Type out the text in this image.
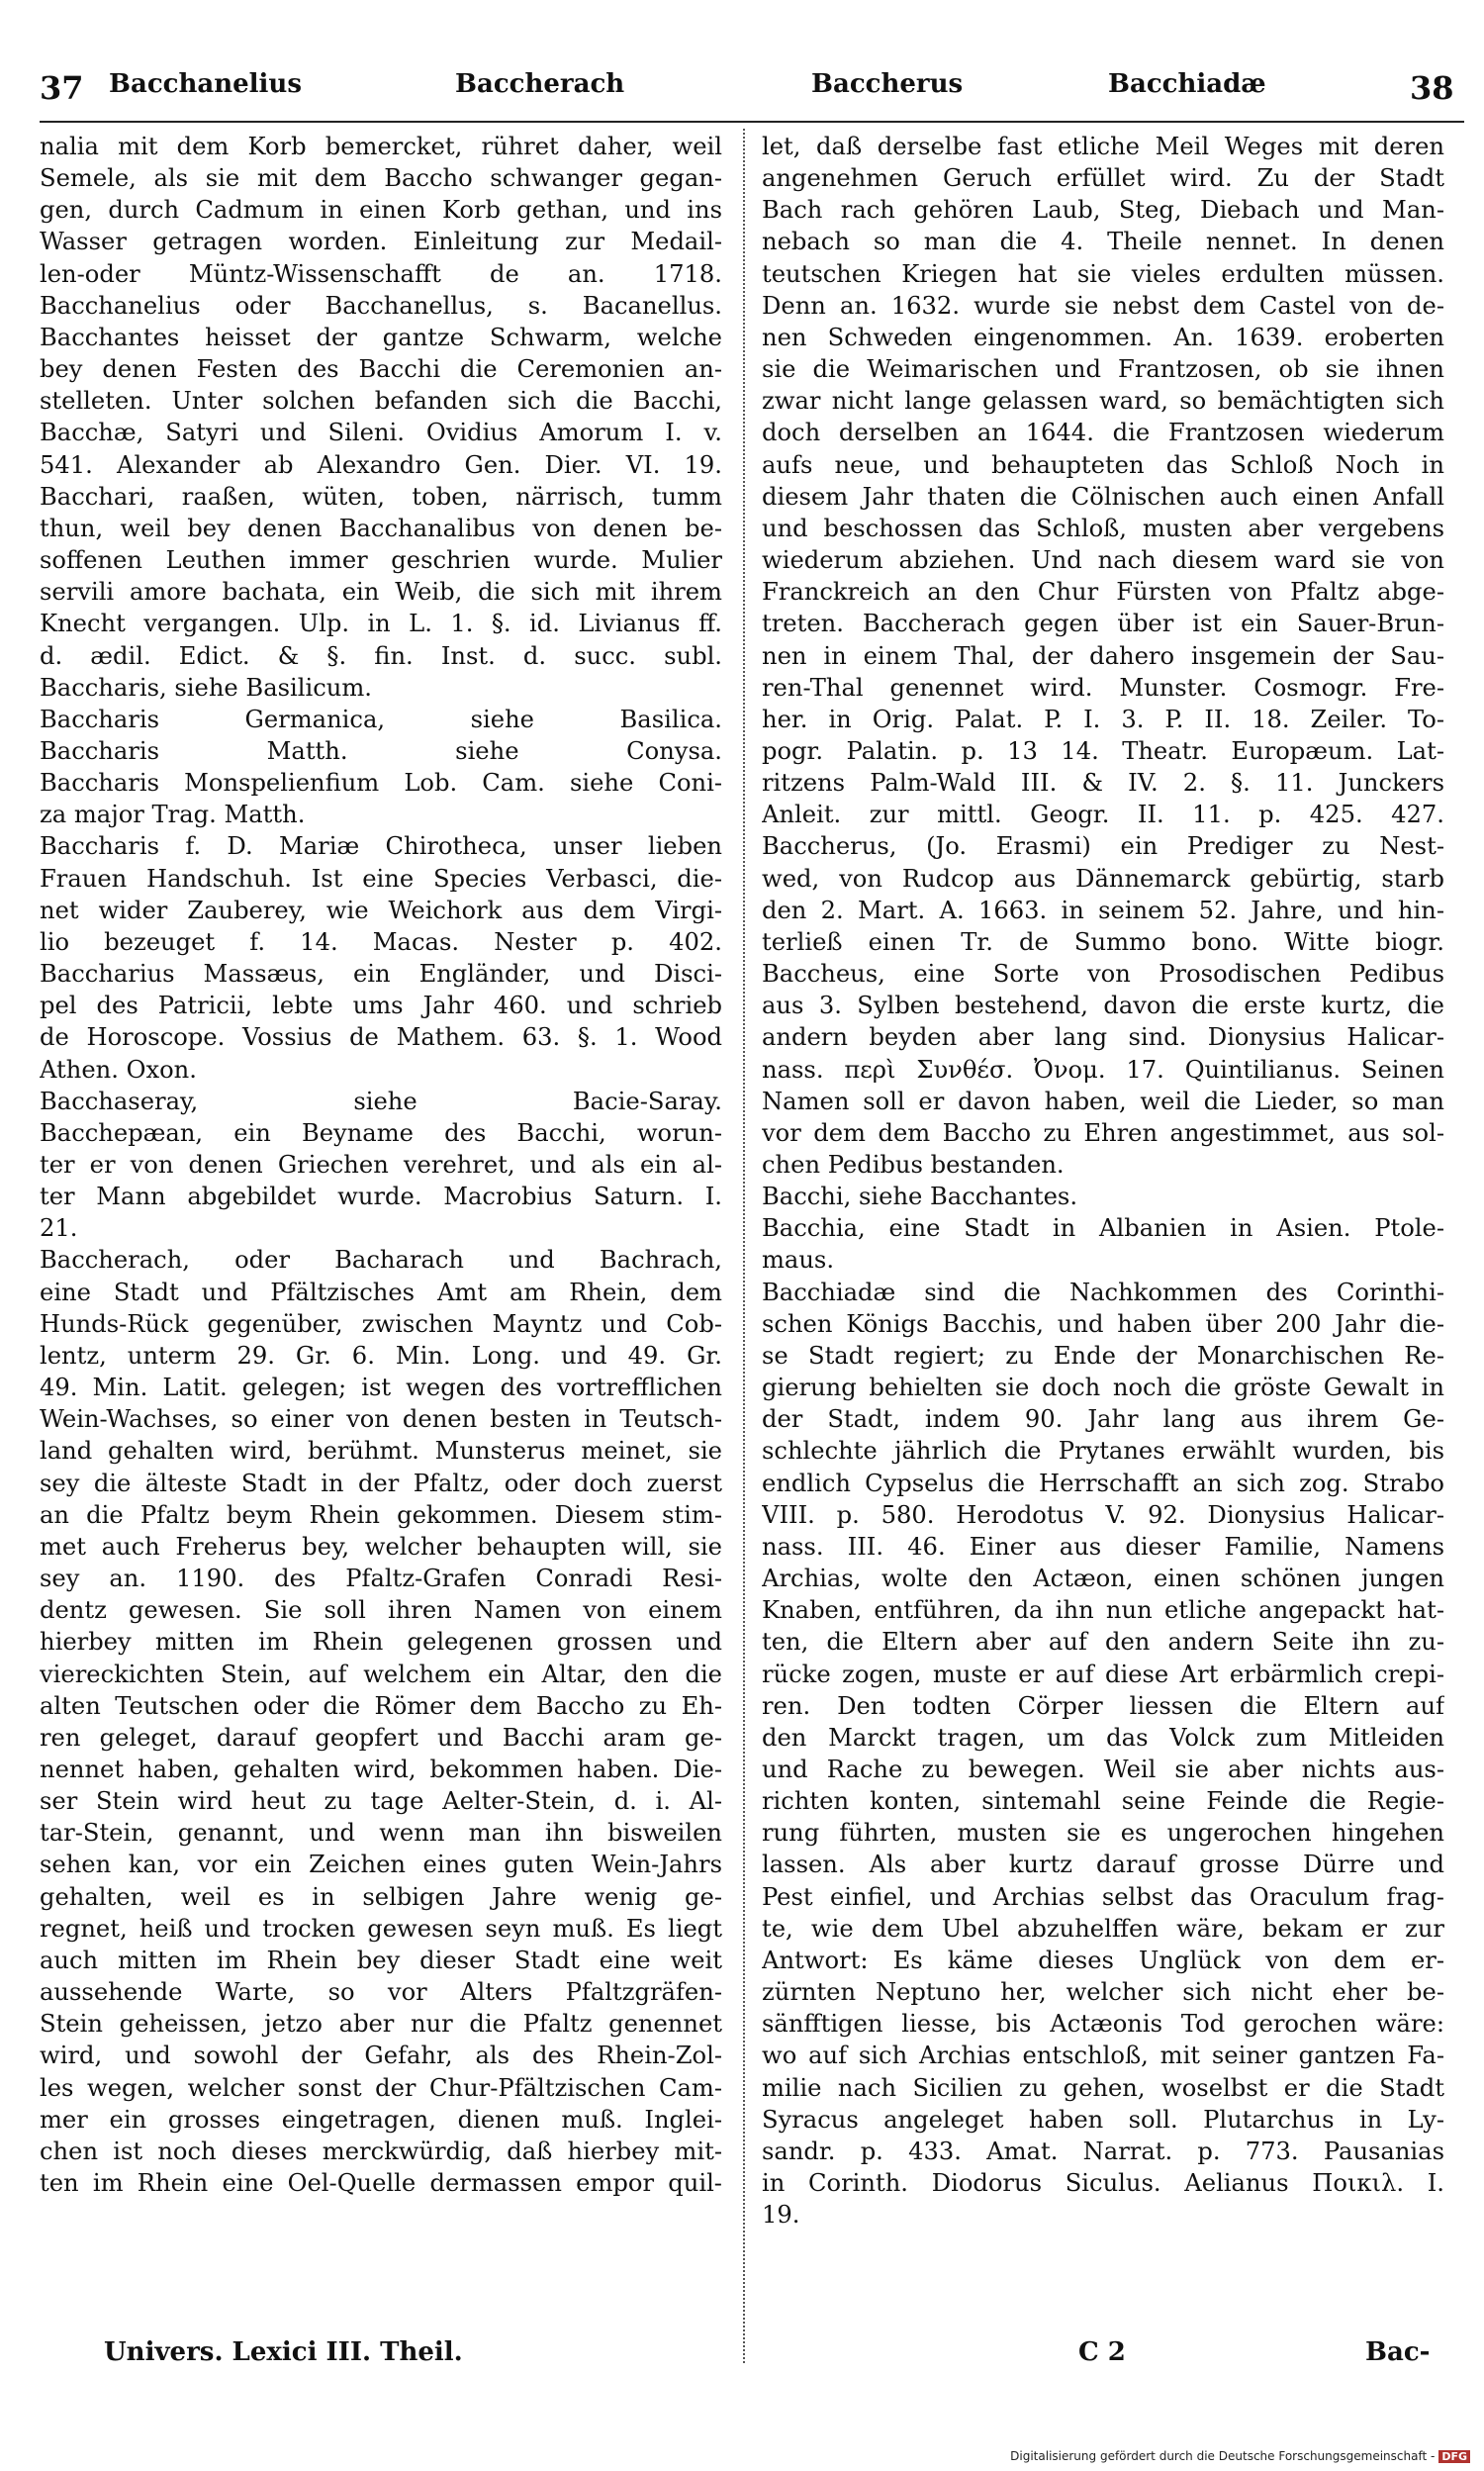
37 Bacchanelius	Baccherach	Baccherus	Bacchiadæ	38
nalia mit dem Korb bemercket, rühret daher, weil
Semele, als sie mit dem Baccho schwanger gegan-
gen, durch Cadmum in einen Korb gethan, und ins
Wasser getragen worden. Einleitung zur Medail-
len-oder Müntz-Wissenschafft de an. 1718.
Bacchanelius oder Bacchanellus, s. Bacanellus.
Bacchantes heisset der gantze Schwarm, welche
bey denen Festen des Bacchi die Ceremonien an-
stelleten. Unter solchen befanden sich die Bacchi,
Bacchæ, Satyri und Sileni. Ovidius Amorum I. v.
541. Alexander ab Alexandro Gen. Dier. VI. 19.
Bacchari, raaßen, wüten, toben, närrisch, tumm
thun, weil bey denen Bacchanalibus von denen be-
soffenen Leuthen immer geschrien wurde. Mulier
servili amore bachata, ein Weib, die sich mit ihrem
Knecht vergangen. Ulp. in L. 1. §. id. Livianus ff.
d. ædil. Edict. & §. fin. Inst. d. succ. subl.
Baccharis, siehe Basilicum.
Baccharis Germanica, siehe Basilica.
Baccharis Matth. siehe Conysa.
Baccharis Monspelienfium Lob. Cam. siehe Coni-
za major Trag. Matth.
Baccharis f. D. Mariæ Chirotheca, unser lieben
Frauen Handschuh. Ist eine Species Verbasci, die-
net wider Zauberey, wie Weichork aus dem Virgi-
lio bezeuget f. 14. Macas. Nester p. 402.
Baccharius Massæus, ein Engländer, und Disci-
pel des Patricii, lebte ums Jahr 460. und schrieb
de Horoscope. Vossius de Mathem. 63. §. 1. Wood
Athen. Oxon.
Bacchaseray, siehe Bacie-Saray.
Bacchepæan, ein Beyname des Bacchi, worun-
ter er von denen Griechen verehret, und als ein al-
ter Mann abgebildet wurde. Macrobius Saturn. I.
21.
Baccherach, oder Bacharach und Bachrach,
eine Stadt und Pfältzisches Amt am Rhein, dem
Hunds-Rück gegenüber, zwischen Mayntz und Cob-
lentz, unterm 29. Gr. 6. Min. Long. und 49. Gr.
49. Min. Latit. gelegen; ist wegen des vortrefflichen
Wein-Wachses, so einer von denen besten in Teutsch-
land gehalten wird, berühmt. Munsterus meinet, sie
sey die älteste Stadt in der Pfaltz, oder doch zuerst
an die Pfaltz beym Rhein gekommen. Diesem stim-
met auch Freherus bey, welcher behaupten will, sie
sey an. 1190. des Pfaltz-Grafen Conradi Resi-
dentz gewesen. Sie soll ihren Namen von einem
hierbey mitten im Rhein gelegenen grossen und
viereckichten Stein, auf welchem ein Altar, den die
alten Teutschen oder die Römer dem Baccho zu Eh-
ren geleget, darauf geopfert und Bacchi aram ge-
nennet haben, gehalten wird, bekommen haben. Die-
ser Stein wird heut zu tage Aelter-Stein, d. i. Al-
tar-Stein, genannt, und wenn man ihn bisweilen
sehen kan, vor ein Zeichen eines guten Wein-Jahrs
gehalten, weil es in selbigen Jahre wenig ge-
regnet, heiß und trocken gewesen seyn muß. Es liegt
auch mitten im Rhein bey dieser Stadt eine weit
aussehende Warte, so vor Alters Pfaltzgräfen-
Stein geheissen, jetzo aber nur die Pfaltz genennet
wird, und sowohl der Gefahr, als des Rhein-Zol-
les wegen, welcher sonst der Chur-Pfältzischen Cam-
mer ein grosses eingetragen, dienen muß. Inglei-
chen ist noch dieses merckwürdig, daß hierbey mit-
ten im Rhein eine Oel-Quelle dermassen empor quil-
let, daß derselbe fast etliche Meil Weges mit deren
angenehmen Geruch erfüllet wird. Zu der Stadt
Bach rach gehören Laub, Steg, Diebach und Man-
nebach so man die 4. Theile nennet. In denen
teutschen Kriegen hat sie vieles erdulten müssen.
Denn an. 1632. wurde sie nebst dem Castel von de-
nen Schweden eingenommen. An. 1639. eroberten
sie die Weimarischen und Frantzosen, ob sie ihnen
zwar nicht lange gelassen ward, so bemächtigten sich
doch derselben an 1644. die Frantzosen wiederum
aufs neue, und behaupteten das Schloß Noch in
diesem Jahr thaten die Cölnischen auch einen Anfall
und beschossen das Schloß, musten aber vergebens
wiederum abziehen. Und nach diesem ward sie von
Franckreich an den Chur Fürsten von Pfaltz abge-
treten. Baccherach gegen über ist ein Sauer-Brun-
nen in einem Thal, der dahero insgemein der Sau-
ren-Thal genennet wird. Munster. Cosmogr. Fre-
her. in Orig. Palat. P. I. 3. P. II. 18. Zeiler. To-
pogr. Palatin. p. 13 14. Theatr. Europæum. Lat-
ritzens Palm-Wald III. & IV. 2. §. 11. Junckers
Anleit. zur mittl. Geogr. II. 11. p. 425. 427.
Baccherus, (Jo. Erasmi) ein Prediger zu Nest-
wed, von Rudcop aus Dännemarck gebürtig, starb
den 2. Mart. A. 1663. in seinem 52. Jahre, und hin-
terließ einen Tr. de Summo bono. Witte biogr.
Baccheus, eine Sorte von Prosodischen Pedibus
aus 3. Sylben bestehend, davon die erste kurtz, die
andern beyden aber lang sind. Dionysius Halicar-
nass. περὶ Συνθέσ. Ὀνομ. 17. Quintilianus. Seinen
Namen soll er davon haben, weil die Lieder, so man
vor dem dem Baccho zu Ehren angestimmet, aus sol-
chen Pedibus bestanden.
Bacchi, siehe Bacchantes.
Bacchia, eine Stadt in Albanien in Asien. Ptole-
maus.
Bacchiadæ sind die Nachkommen des Corinthi-
schen Königs Bacchis, und haben über 200 Jahr die-
se Stadt regiert; zu Ende der Monarchischen Re-
gierung behielten sie doch noch die gröste Gewalt in
der Stadt, indem 90. Jahr lang aus ihrem Ge-
schlechte jährlich die Prytanes erwählt wurden, bis
endlich Cypselus die Herrschafft an sich zog. Strabo
VIII. p. 580. Herodotus V. 92. Dionysius Halicar-
nass. III. 46. Einer aus dieser Familie, Namens
Archias, wolte den Actæon, einen schönen jungen
Knaben, entführen, da ihn nun etliche angepackt hat-
ten, die Eltern aber auf den andern Seite ihn zu-
rücke zogen, muste er auf diese Art erbärmlich crepi-
ren. Den todten Cörper liessen die Eltern auf
den Marckt tragen, um das Volck zum Mitleiden
und Rache zu bewegen. Weil sie aber nichts aus-
richten konten, sintemahl seine Feinde die Regie-
rung führten, musten sie es ungerochen hingehen
lassen. Als aber kurtz darauf grosse Dürre und
Pest einfiel, und Archias selbst das Oraculum frag-
te, wie dem Ubel abzuhelffen wäre, bekam er zur
Antwort: Es käme dieses Unglück von dem er-
zürnten Neptuno her, welcher sich nicht eher be-
sänfftigen liesse, bis Actæonis Tod gerochen wäre:
wo auf sich Archias entschloß, mit seiner gantzen Fa-
milie nach Sicilien zu gehen, woselbst er die Stadt
Syracus angeleget haben soll. Plutarchus in Ly-
sandr. p. 433. Amat. Narrat. p. 773. Pausanias
in Corinth. Diodorus Siculus. Aelianus Ποικιλ. I.
19.
Univers. Lexici III. Theil.	C 2	Bac-
Digitalisierung gefördert durch die Deutsche Forschungsgemeinschaft - DFG
